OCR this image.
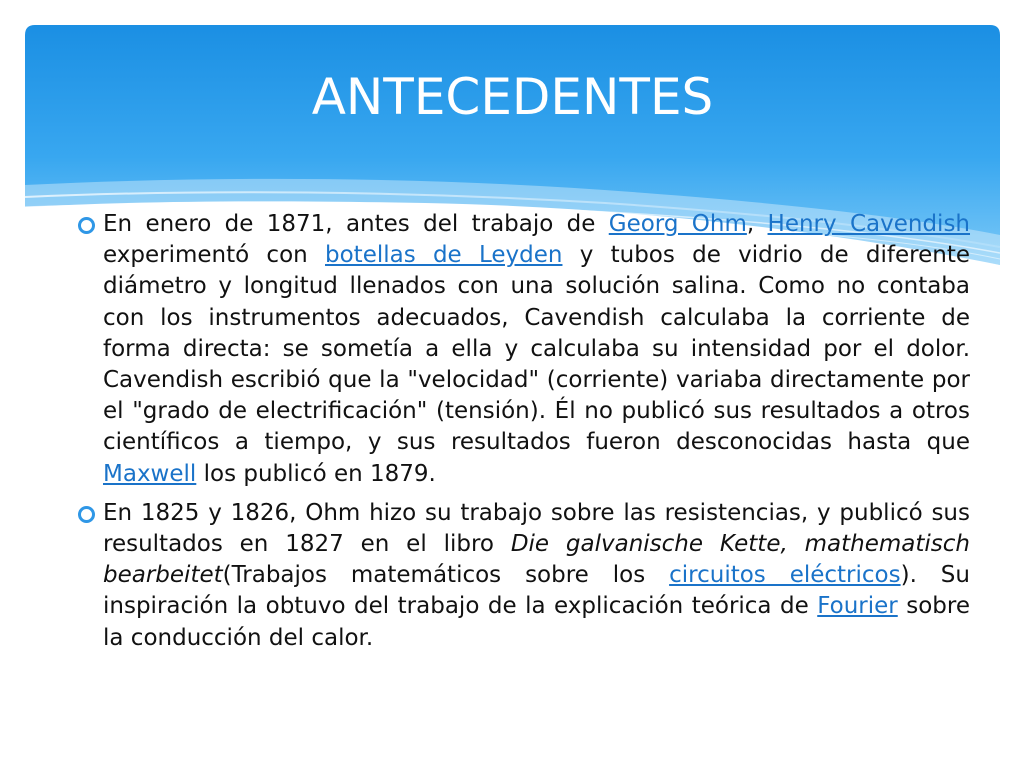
ANTECEDENTES
En enero de 1871, antes del trabajo de Georg Ohm, Henry Cavendish experimentó con botellas de Leyden y tubos de vidrio de diferente diámetro y longitud llenados con una solución salina. Como no contaba con los instrumentos adecuados, Cavendish calculaba la corriente de forma directa: se sometía a ella y calculaba su intensidad por el dolor. Cavendish escribió que la "velocidad" (corriente) variaba directamente por el "grado de electrificación" (tensión). Él no publicó sus resultados a otros científicos a tiempo, y sus resultados fueron desconocidas hasta que Maxwell los publicó en 1879.
En 1825 y 1826, Ohm hizo su trabajo sobre las resistencias, y publicó sus resultados en 1827 en el libro Die galvanische Kette, mathematisch bearbeitet(Trabajos matemáticos sobre los circuitos eléctricos). Su inspiración la obtuvo del trabajo de la explicación teórica de Fourier sobre la conducción del calor.
